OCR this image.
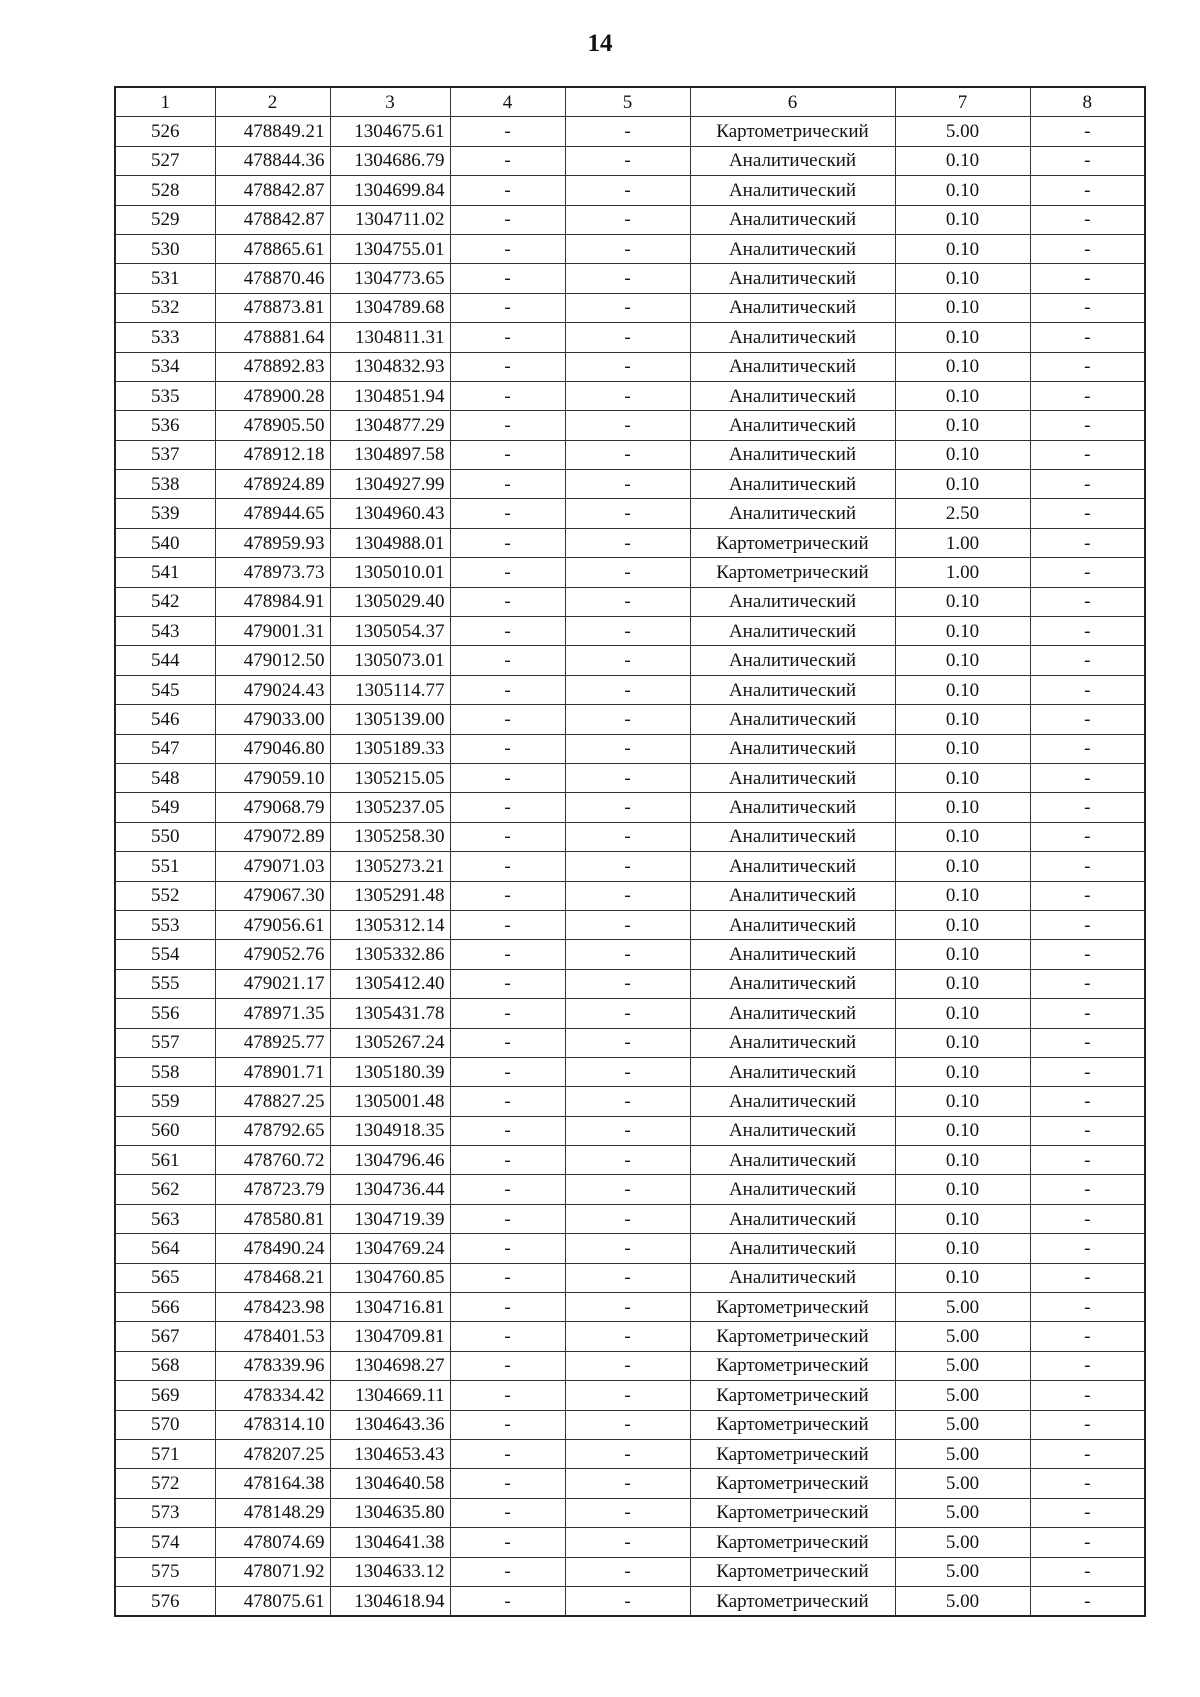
14
1	2	3	4	5	6	7	8
526	478849.21	1304675.61	-	-	Картометрический	5.00	-
527	478844.36	1304686.79	-	-	Аналитический	0.10	-
528	478842.87	1304699.84	-	-	Аналитический	0.10	-
529	478842.87	1304711.02	-	-	Аналитический	0.10	-
530	478865.61	1304755.01	-	-	Аналитический	0.10	-
531	478870.46	1304773.65	-	-	Аналитический	0.10	-
532	478873.81	1304789.68	-	-	Аналитический	0.10	-
533	478881.64	1304811.31	-	-	Аналитический	0.10	-
534	478892.83	1304832.93	-	-	Аналитический	0.10	-
535	478900.28	1304851.94	-	-	Аналитический	0.10	-
536	478905.50	1304877.29	-	-	Аналитический	0.10	-
537	478912.18	1304897.58	-	-	Аналитический	0.10	-
538	478924.89	1304927.99	-	-	Аналитический	0.10	-
539	478944.65	1304960.43	-	-	Аналитический	2.50	-
540	478959.93	1304988.01	-	-	Картометрический	1.00	-
541	478973.73	1305010.01	-	-	Картометрический	1.00	-
542	478984.91	1305029.40	-	-	Аналитический	0.10	-
543	479001.31	1305054.37	-	-	Аналитический	0.10	-
544	479012.50	1305073.01	-	-	Аналитический	0.10	-
545	479024.43	1305114.77	-	-	Аналитический	0.10	-
546	479033.00	1305139.00	-	-	Аналитический	0.10	-
547	479046.80	1305189.33	-	-	Аналитический	0.10	-
548	479059.10	1305215.05	-	-	Аналитический	0.10	-
549	479068.79	1305237.05	-	-	Аналитический	0.10	-
550	479072.89	1305258.30	-	-	Аналитический	0.10	-
551	479071.03	1305273.21	-	-	Аналитический	0.10	-
552	479067.30	1305291.48	-	-	Аналитический	0.10	-
553	479056.61	1305312.14	-	-	Аналитический	0.10	-
554	479052.76	1305332.86	-	-	Аналитический	0.10	-
555	479021.17	1305412.40	-	-	Аналитический	0.10	-
556	478971.35	1305431.78	-	-	Аналитический	0.10	-
557	478925.77	1305267.24	-	-	Аналитический	0.10	-
558	478901.71	1305180.39	-	-	Аналитический	0.10	-
559	478827.25	1305001.48	-	-	Аналитический	0.10	-
560	478792.65	1304918.35	-	-	Аналитический	0.10	-
561	478760.72	1304796.46	-	-	Аналитический	0.10	-
562	478723.79	1304736.44	-	-	Аналитический	0.10	-
563	478580.81	1304719.39	-	-	Аналитический	0.10	-
564	478490.24	1304769.24	-	-	Аналитический	0.10	-
565	478468.21	1304760.85	-	-	Аналитический	0.10	-
566	478423.98	1304716.81	-	-	Картометрический	5.00	-
567	478401.53	1304709.81	-	-	Картометрический	5.00	-
568	478339.96	1304698.27	-	-	Картометрический	5.00	-
569	478334.42	1304669.11	-	-	Картометрический	5.00	-
570	478314.10	1304643.36	-	-	Картометрический	5.00	-
571	478207.25	1304653.43	-	-	Картометрический	5.00	-
572	478164.38	1304640.58	-	-	Картометрический	5.00	-
573	478148.29	1304635.80	-	-	Картометрический	5.00	-
574	478074.69	1304641.38	-	-	Картометрический	5.00	-
575	478071.92	1304633.12	-	-	Картометрический	5.00	-
576	478075.61	1304618.94	-	-	Картометрический	5.00	-
